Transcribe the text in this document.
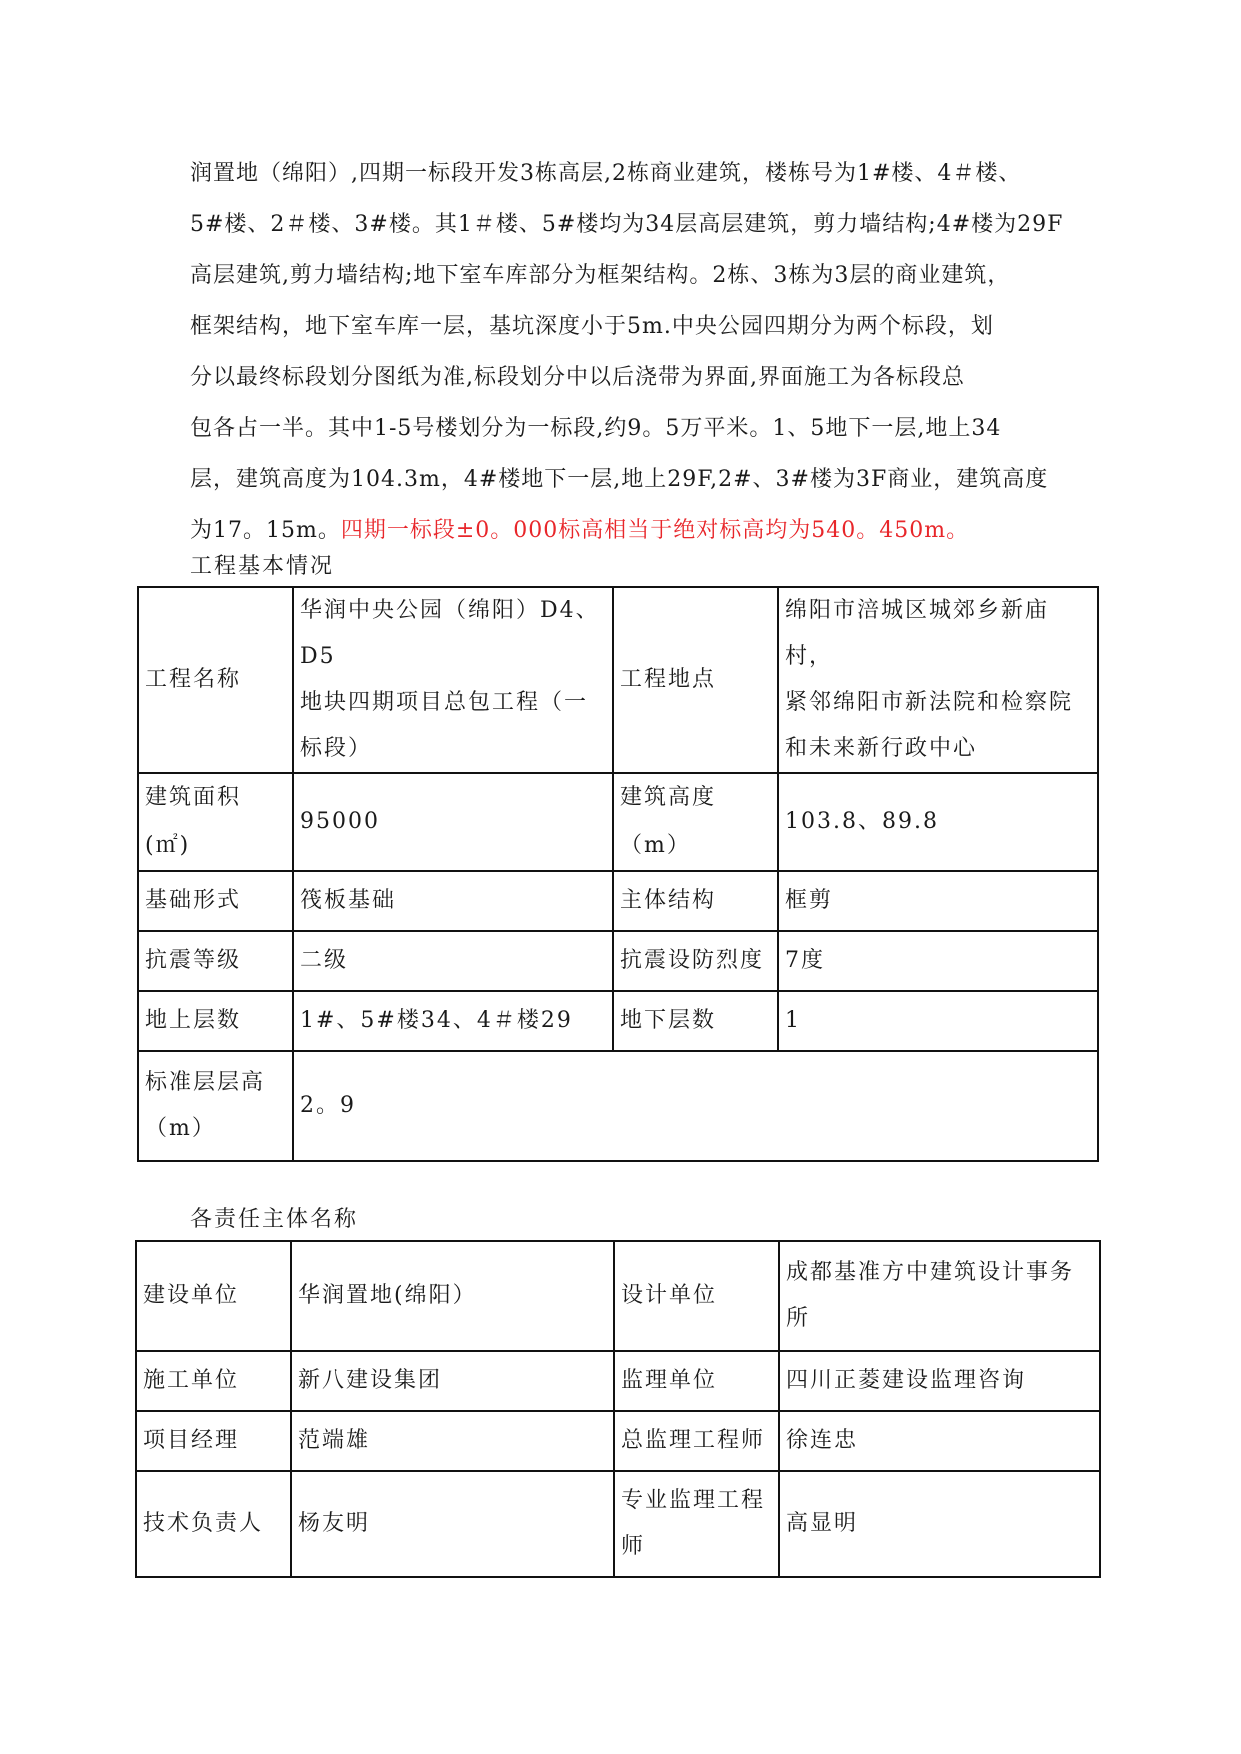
润置地（绵阳）,四期一标段开发3栋高层,2栋商业建筑，楼栋号为1#楼、4＃楼、
5#楼、2＃楼、3#楼。其1＃楼、5#楼均为34层高层建筑，剪力墙结构;4#楼为29F
高层建筑,剪力墙结构;地下室车库部分为框架结构。2栋、3栋为3层的商业建筑，
框架结构，地下室车库一层，基坑深度小于5m.中央公园四期分为两个标段，划
分以最终标段划分图纸为准,标段划分中以后浇带为界面,界面施工为各标段总
包各占一半。其中1-5号楼划分为一标段,约9。5万平米。1、5地下一层,地上34
层，建筑高度为104.3m，4#楼地下一层,地上29F,2#、3#楼为3F商业，建筑高度
为17。15m。四期一标段±0。000标高相当于绝对标高均为540。450m。
工程基本情况
工程名称	华润中央公园（绵阳）D4、D5
地块四期项目总包工程（一
标段）	工程地点	绵阳市涪城区城郊乡新庙村，
紧邻绵阳市新法院和检察院
和未来新行政中心

建筑面积(㎡)	95000	建筑高度（m）	103.8、89.8
基础形式	筏板基础	主体结构	框剪
抗震等级	二级	抗震设防烈度	7度
地上层数	1#、5#楼34、4＃楼29	地下层数	1

标准层层高
（m）	2。9		
各责任主体名称
建设单位	华润置地(绵阳）	设计单位	成都基准方中建筑设计事务
所

施工单位	新八建设集团	监理单位	四川正菱建设监理咨询
项目经理	范端雄	总监理工程师	徐连忠
技术负责人	杨友明	专业监理工程
师	高显明
